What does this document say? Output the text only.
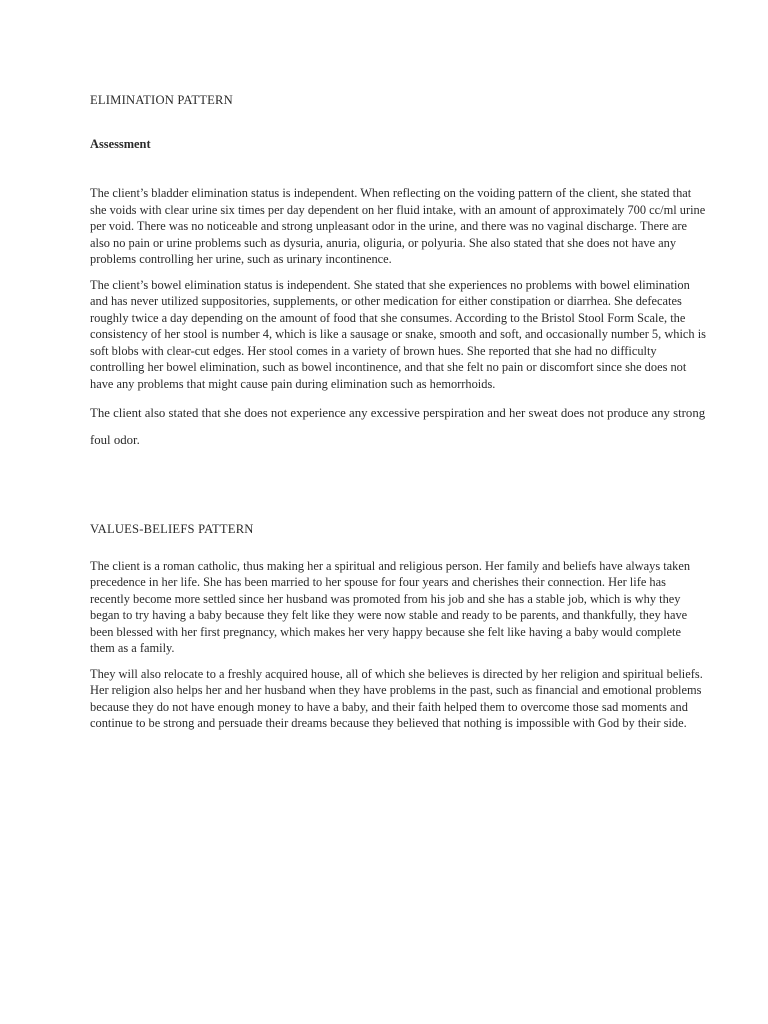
ELIMINATION PATTERN
Assessment

The client’s bladder elimination status is independent. When reflecting on the voiding pattern of the client, she stated that she voids with clear urine six times per day dependent on her fluid intake, with an amount of approximately 700 cc/ml urine per void. There was no noticeable and strong unpleasant odor in the urine, and there was no vaginal discharge. There are also no pain or urine problems such as dysuria, anuria, oliguria, or polyuria. She also stated that she does not have any problems controlling her urine, such as urinary incontinence.

The client’s bowel elimination status is independent. She stated that she experiences no problems with bowel elimination and has never utilized suppositories, supplements, or other medication for either constipation or diarrhea. She defecates roughly twice a day depending on the amount of food that she consumes. According to the Bristol Stool Form Scale, the consistency of her stool is number 4, which is like a sausage or snake, smooth and soft, and occasionally number 5, which is soft blobs with clear-cut edges. Her stool comes in a variety of brown hues. She reported that she had no difficulty controlling her bowel elimination, such as bowel incontinence, and that she felt no pain or discomfort since she does not have any problems that might cause pain during elimination such as hemorrhoids.

The client also stated that she does not experience any excessive perspiration and her sweat does not produce any strong foul odor.

VALUES-BELIEFS PATTERN

The client is a roman catholic, thus making her a spiritual and religious person. Her family and beliefs have always taken precedence in her life. She has been married to her spouse for four years and cherishes their connection. Her life has recently become more settled since her husband was promoted from his job and she has a stable job, which is why they began to try having a baby because they felt like they were now stable and ready to be parents, and thankfully, they have been blessed with her first pregnancy, which makes her very happy because she felt like having a baby would complete them as a family.

They will also relocate to a freshly acquired house, all of which she believes is directed by her religion and spiritual beliefs. Her religion also helps her and her husband when they have problems in the past, such as financial and emotional problems because they do not have enough money to have a baby, and their faith helped them to overcome those sad moments and continue to be strong and persuade their dreams because they believed that nothing is impossible with God by their side.
